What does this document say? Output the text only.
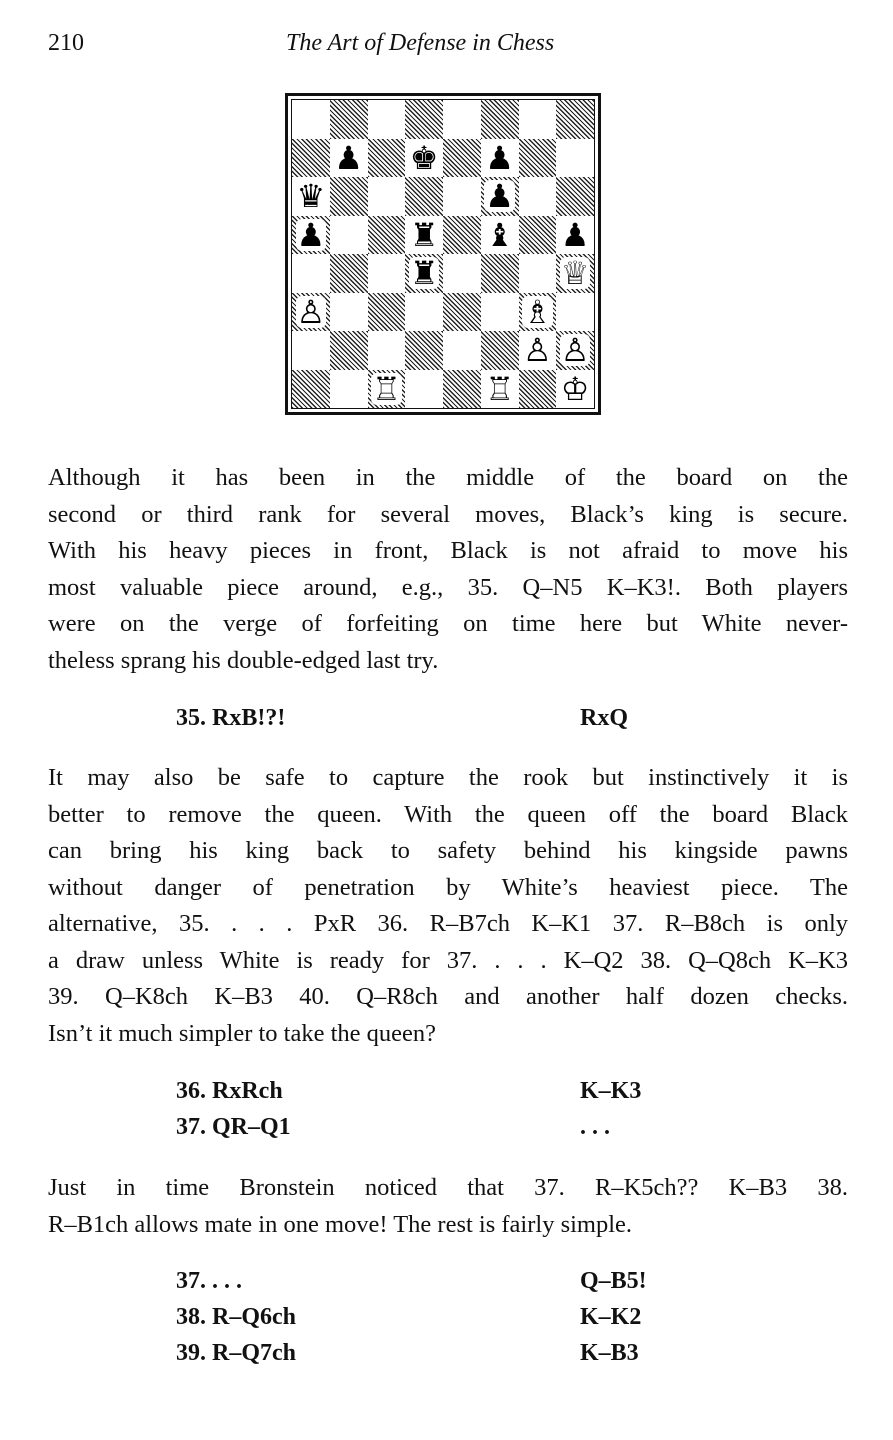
210	The Art of Defense in Chess
♟ ♚ ♟
♛	♟
♟	♜ ♝ ♟
♜	♕
♙	♗
♙ ♙
♖	♖ ♔

Although it has been in the middle of the board on the
second or third rank for several moves, Black’s king is secure.
With his heavy pieces in front, Black is not afraid to move his
most valuable piece around, e.g., 35. Q–N5 K–K3!. Both players
were on the verge of forfeiting on time here but White never-
theless sprang his double-edged last try.

35. RxB!?!	RxQ

It may also be safe to capture the rook but instinctively it is
better to remove the queen. With the queen off the board Black
can bring his king back to safety behind his kingside pawns
without danger of penetration by White’s heaviest piece. The
alternative, 35. . . . PxR 36. R–B7ch K–K1 37. R–B8ch is only
a draw unless White is ready for 37. . . . K–Q2 38. Q–Q8ch K–K3
39. Q–K8ch K–B3 40. Q–R8ch and another half dozen checks.
Isn’t it much simpler to take the queen?

36. RxRch	K–K3
37. QR–Q1	. . .

Just in time Bronstein noticed that 37. R–K5ch?? K–B3 38.
R–B1ch allows mate in one move! The rest is fairly simple.

37. . . .	Q–B5!
38. R–Q6ch	K–K2
39. R–Q7ch	K–B3
